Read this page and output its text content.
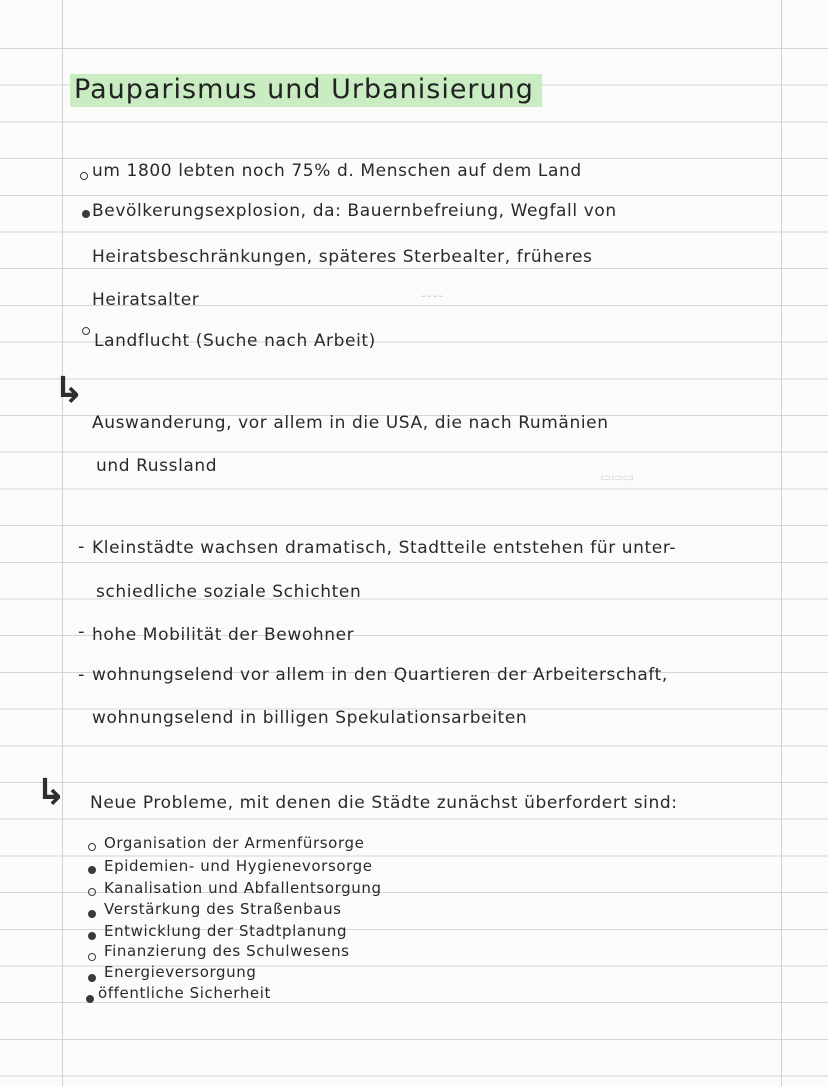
⁃⁃⁃⁃
▭▭▭
Pauparismus und Urbanisierung
um 1800 lebten noch 75% d. Menschen auf dem Land
Bevölkerungsexplosion, da: Bauernbefreiung, Wegfall von
Heiratsbeschränkungen, späteres Sterbealter, früheres
Heiratsalter
Landflucht (Suche nach Arbeit)
↳
Auswanderung, vor allem in die USA, die nach Rumänien
und Russland
- Kleinstädte wachsen dramatisch, Stadtteile entstehen für unter-
schiedliche soziale Schichten
- hohe Mobilität der Bewohner
- wohnungselend vor allem in den Quartieren der Arbeiterschaft,
wohnungselend in billigen Spekulationsarbeiten
↳ Neue Probleme, mit denen die Städte zunächst überfordert sind:
Organisation der Armenfürsorge
Epidemien- und Hygienevorsorge
Kanalisation und Abfallentsorgung
Verstärkung des Straßenbaus
Entwicklung der Stadtplanung
Finanzierung des Schulwesens
Energieversorgung
öffentliche Sicherheit
